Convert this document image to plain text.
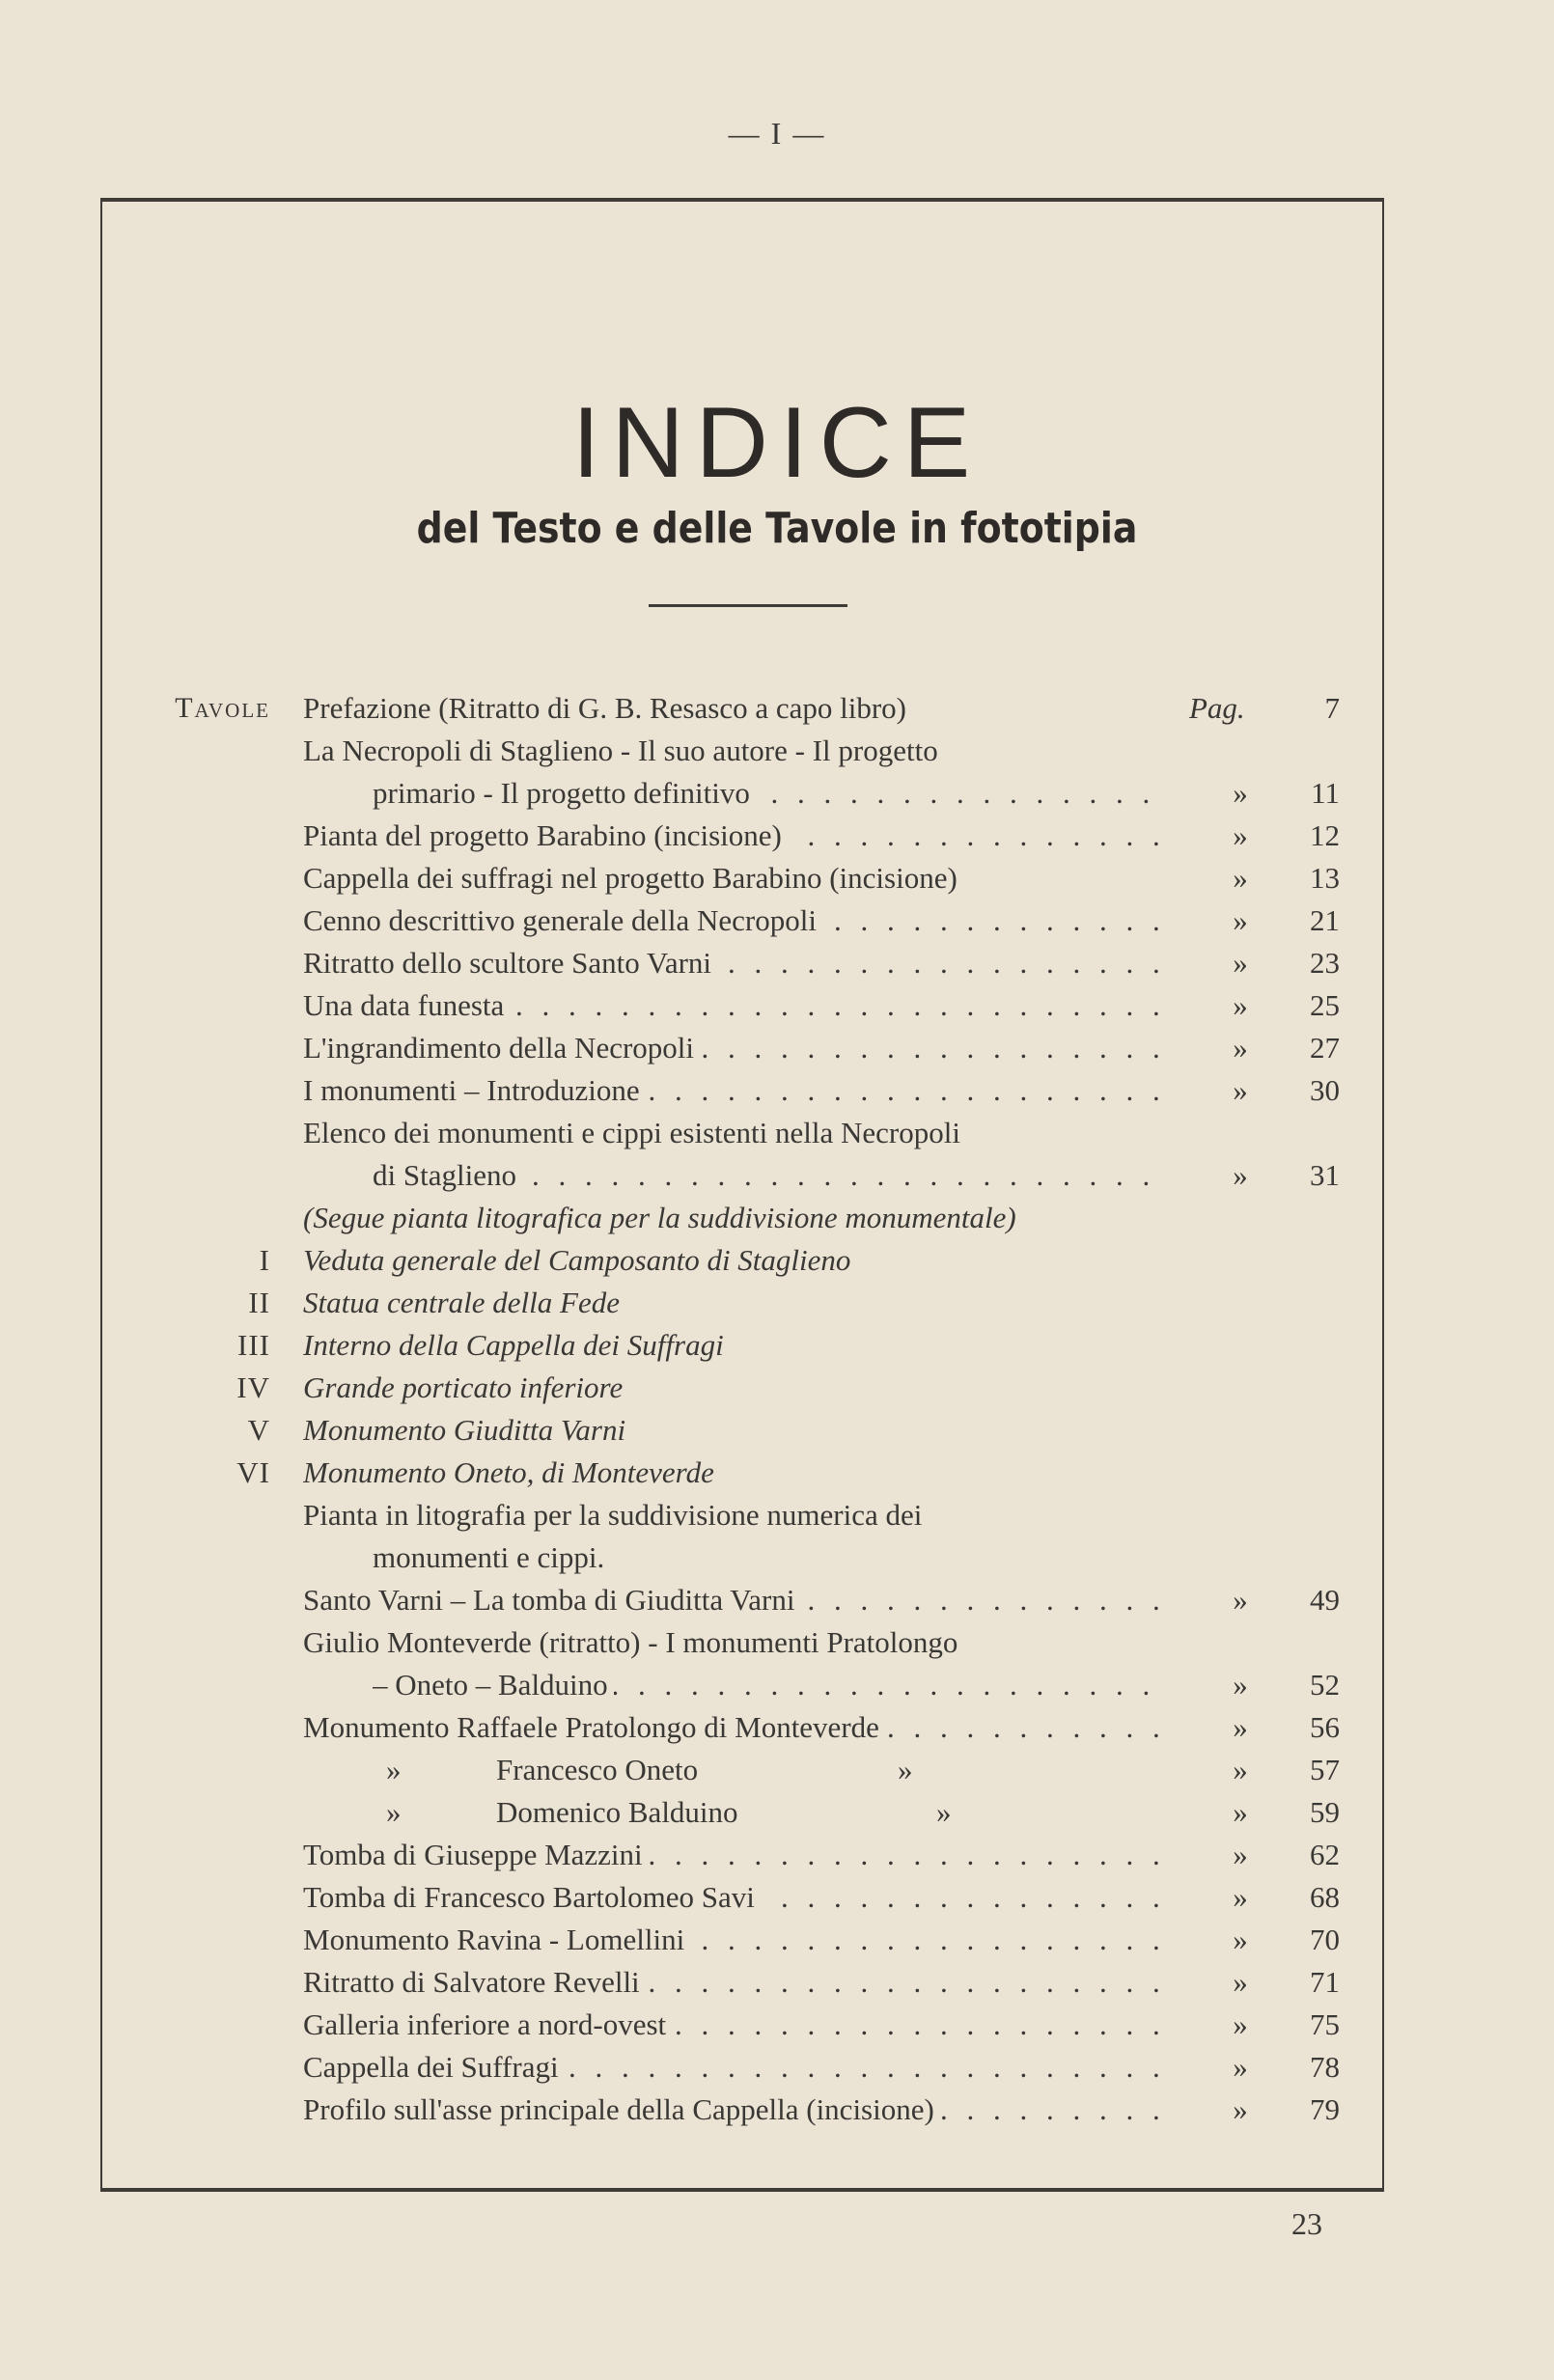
— I —
INDICE
del Testo e delle Tavole in fototipia
Tavole Prefazione (Ritratto di G. B. Resasco a capo libro)	Pag.	7
La Necropoli di Staglieno - Il suo autore - Il progetto
primario - Il progetto definitivo . . .	»	11
Pianta del progetto Barabino (incisione) . . .	»	12
Cappella dei suffragi nel progetto Barabino (incisione)	»	13
Cenno descrittivo generale della Necropoli . . .	»	21
Ritratto dello scultore Santo Varni . . .	»	23
Una data funesta . . .	»	25
L'ingrandimento della Necropoli . . .	»	27
I monumenti – Introduzione . . .	»	30
Elenco dei monumenti e cippi esistenti nella Necropoli
di Staglieno . . .	»	31
(Segue pianta litografica per la suddivisione monumentale)
I Veduta generale del Camposanto di Staglieno
II Statua centrale della Fede
III Interno della Cappella dei Suffragi
IV Grande porticato inferiore
V Monumento Giuditta Varni
VI Monumento Oneto, di Monteverde
Pianta in litografia per la suddivisione numerica dei
monumenti e cippi.
Santo Varni – La tomba di Giuditta Varni . . .	»	49
Giulio Monteverde (ritratto) - I monumenti Pratolongo
– Oneto – Balduino . . .	»	52
Monumento Raffaele Pratolongo di Monteverde . . .	»	56
»	Francesco Oneto	»	»	57
»	Domenico Balduino	»	»	59
Tomba di Giuseppe Mazzini . . .	»	62
Tomba di Francesco Bartolomeo Savi . . .	»	68
Monumento Ravina - Lomellini . . .	»	70
Ritratto di Salvatore Revelli . . .	»	71
Galleria inferiore a nord-ovest . . .	»	75
Cappella dei Suffragi . . .	»	78
Profilo sull'asse principale della Cappella (incisione) . . .	»	79
23
